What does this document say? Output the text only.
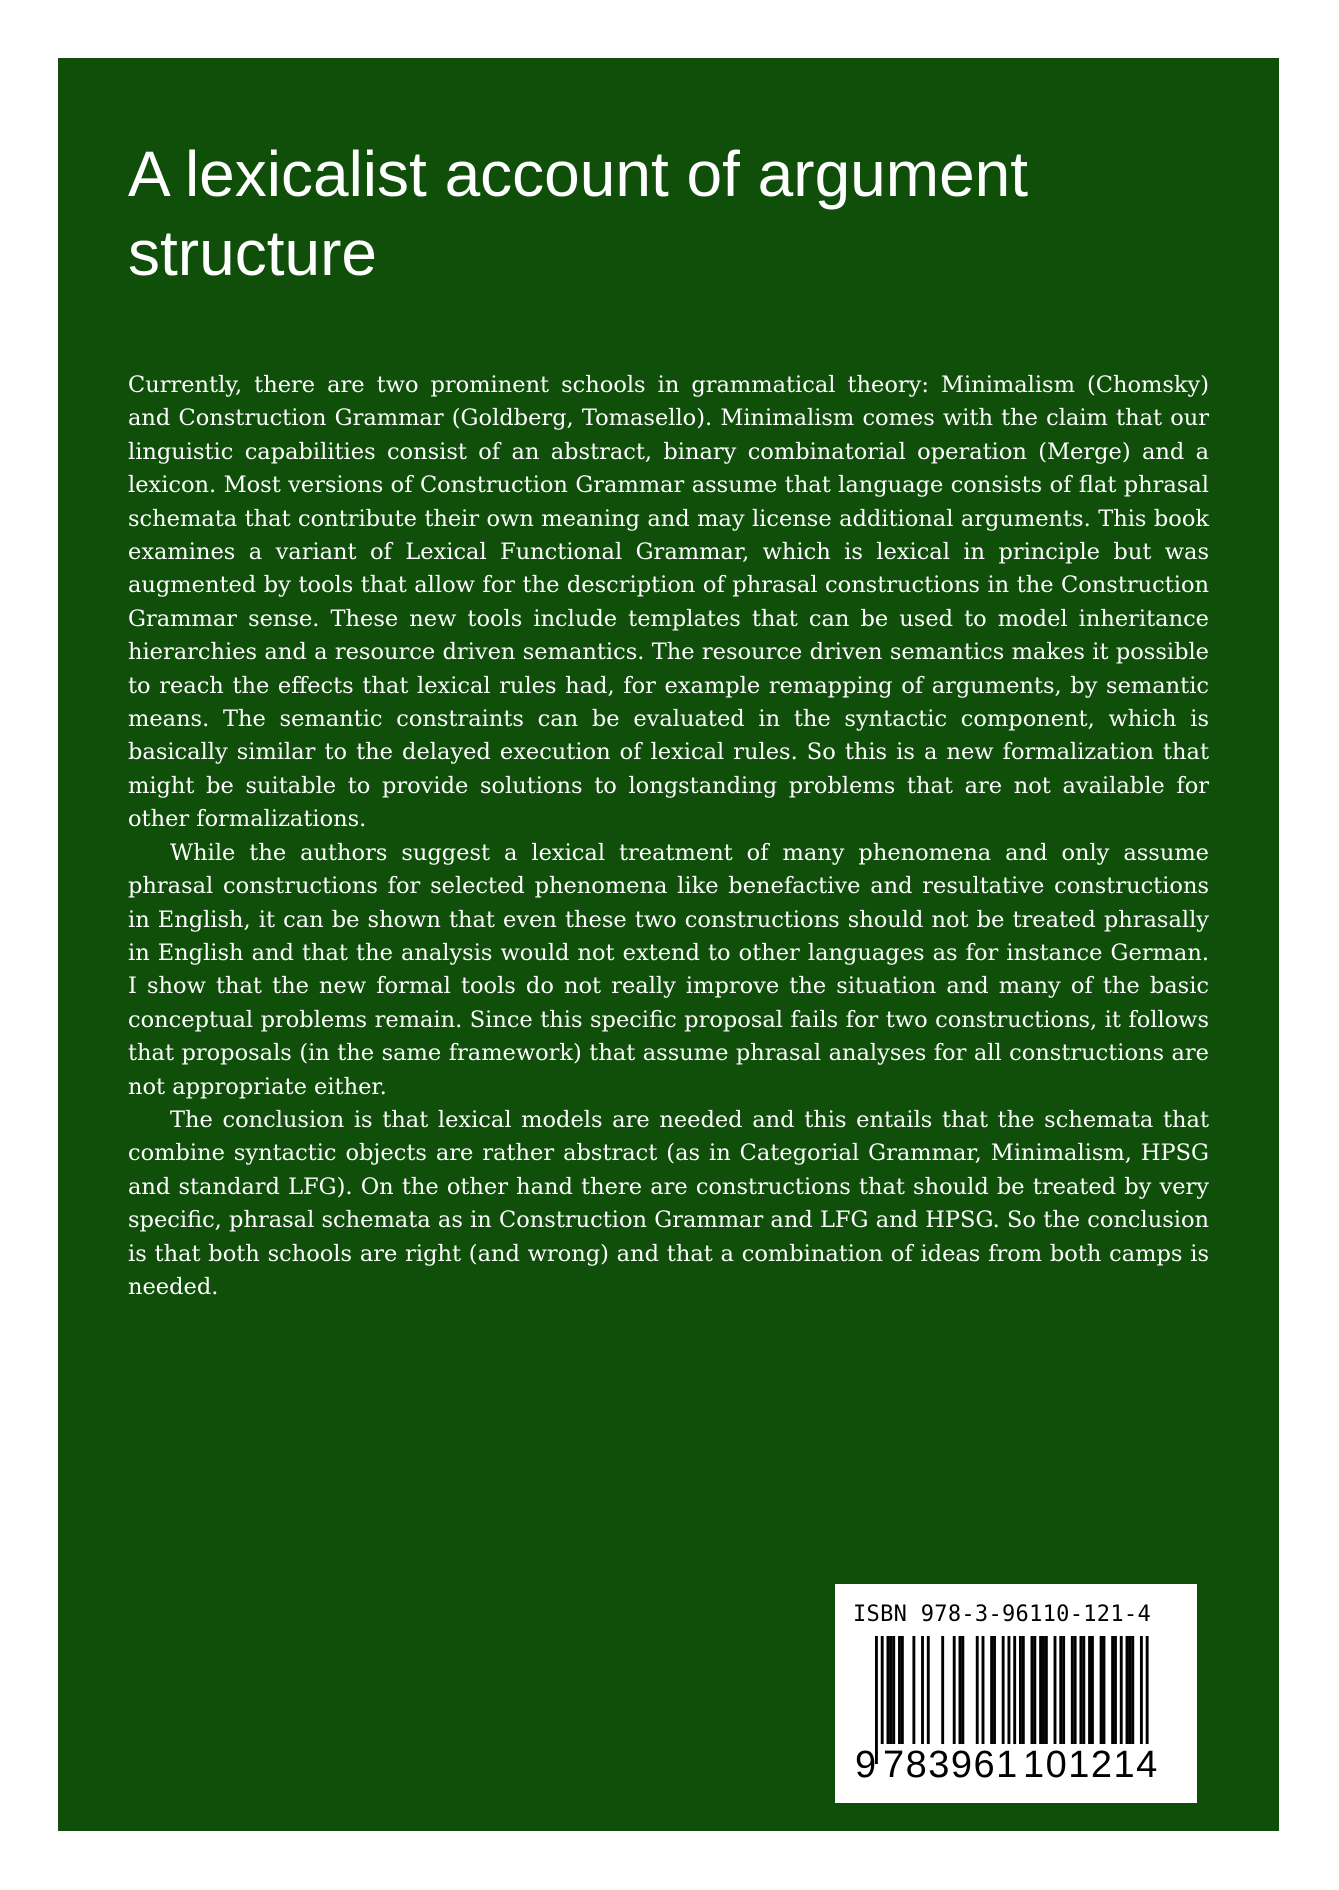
A lexicalist account of argument structure

Currently, there are two prominent schools in grammatical theory: Minimalism (Chomsky) and Construction Grammar (Goldberg, Tomasello). Minimalism comes with the claim that our linguistic capabilities consist of an abstract, binary combinatorial operation (Merge) and a lexicon. Most versions of Construction Grammar assume that language consists of flat phrasal schemata that contribute their own meaning and may license additional arguments. This book examines a variant of Lexical Functional Grammar, which is lexical in principle but was augmented by tools that allow for the description of phrasal constructions in the Construction Grammar sense. These new tools include templates that can be used to model inheritance hierarchies and a resource driven semantics. The resource driven semantics makes it possible to reach the effects that lexical rules had, for example remapping of arguments, by semantic means. The semantic constraints can be evaluated in the syntactic component, which is basically similar to the delayed execution of lexical rules. So this is a new formalization that might be suitable to provide solutions to longstanding problems that are not available for other formalizations.

While the authors suggest a lexical treatment of many phenomena and only assume phrasal constructions for selected phenomena like benefactive and resultative constructions in English, it can be shown that even these two constructions should not be treated phrasally in English and that the analysis would not extend to other languages as for instance German. I show that the new formal tools do not really improve the situation and many of the basic conceptual problems remain. Since this specific proposal fails for two constructions, it follows that proposals (in the same framework) that assume phrasal analyses for all constructions are not appropriate either.

The conclusion is that lexical models are needed and this entails that the schemata that combine syntactic objects are rather abstract (as in Categorial Grammar, Minimalism, HPSG and standard LFG). On the other hand there are constructions that should be treated by very specific, phrasal schemata as in Construction Grammar and LFG and HPSG. So the conclusion is that both schools are right (and wrong) and that a combination of ideas from both camps is needed.

ISBN 978-3-96110-121-4
9 783961 101214
